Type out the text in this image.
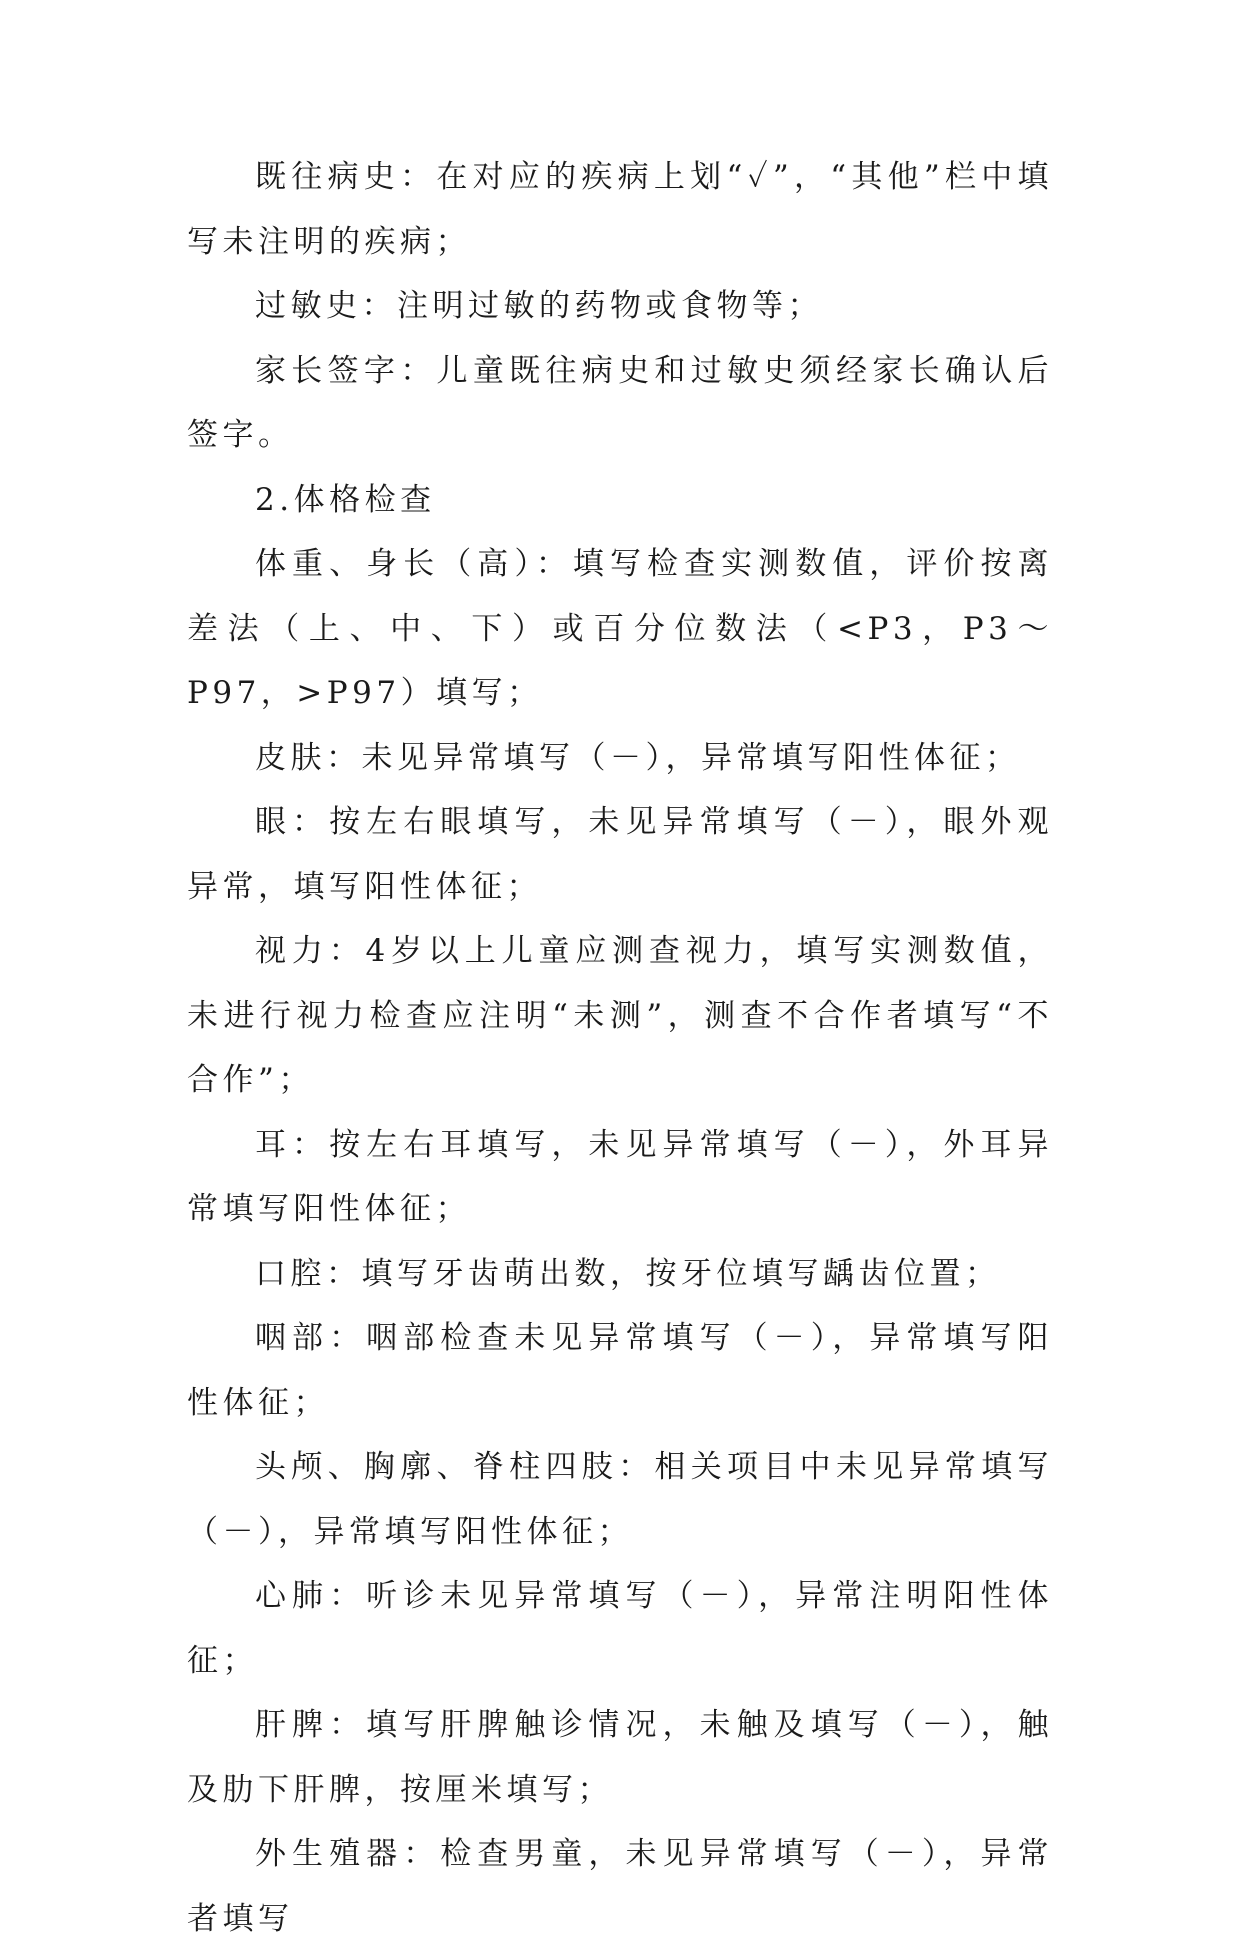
既往病史：在对应的疾病上划“✓”，“其他”栏中填写未注明的疾病；

过敏史：注明过敏的药物或食物等；

家长签字：儿童既往病史和过敏史须经家长确认后签字。

2.体格检查

体重、身长（高）：填写检查实测数值，评价按离差法（上、中、下）或百分位数法（<P3，P3～P97，>P97）填写；

皮肤：未见异常填写（－），异常填写阳性体征；

眼：按左右眼填写，未见异常填写（－），眼外观异常，填写阳性体征；

视力：4岁以上儿童应测查视力，填写实测数值，未进行视力检查应注明“未测”，测查不合作者填写“不合作”；

耳：按左右耳填写，未见异常填写（－），外耳异常填写阳性体征；

口腔：填写牙齿萌出数，按牙位填写龋齿位置；

咽部：咽部检查未见异常填写（－），异常填写阳性体征；

头颅、胸廓、脊柱四肢：相关项目中未见异常填写（－），异常填写阳性体征；

心肺：听诊未见异常填写（－），异常注明阳性体征；

肝脾：填写肝脾触诊情况，未触及填写（－），触及肋下肝脾，按厘米填写；

外生殖器：检查男童，未见异常填写（－），异常者填写
